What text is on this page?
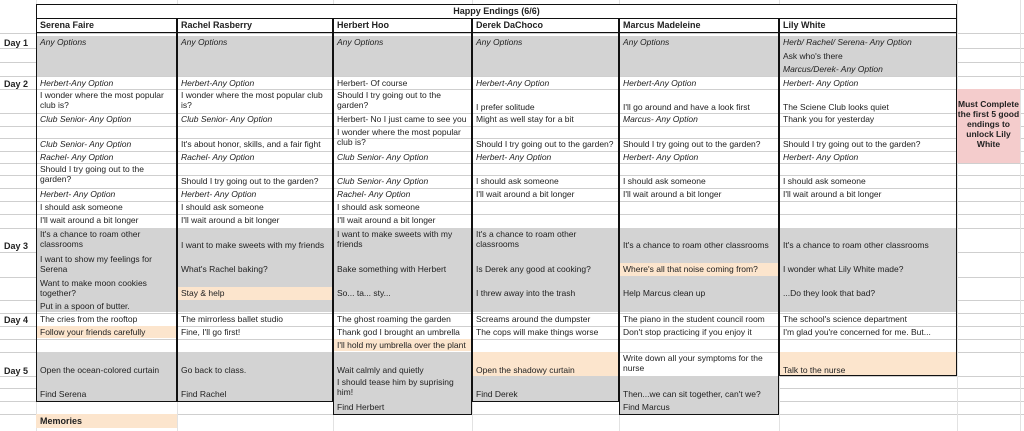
Day 1
Day 2
Day 3
Day 4
Day 5
Happy Endings (6/6)
Must Complete the first 5 good endings to unlock Lily White
Memories
Serena Faire
Any Options
Herbert-Any Option
I wonder where the most popular club is?
Club Senior- Any Option
Club Senior- Any Option
Rachel- Any Option
Should I try going out to the garden?
Herbert- Any Option
I should ask someone
I'll wait around a bit longer
It's a chance to roam other classrooms
I want to show my feelings for Serena
Want to make moon cookies together?
Put in a spoon of butter.
The cries from the rooftop
Follow your friends carefully
Open the ocean-colored curtain
Find Serena
Rachel Rasberry
Any Options
Herbert-Any Option
I wonder where the most popular club is?
Club Senior- Any Option
It's about honor, skills, and a fair fight
Rachel- Any Option
Should I try going out to the garden?
Herbert- Any Option
I should ask someone
I'll wait around a bit longer
I want to make sweets with my friends
What's Rachel baking?
Stay & help
The mirrorless ballet studio
Fine, I'll go first!
Go back to class.
Find Rachel
Herbert Hoo
Any Options
Herbert- Of course
Should I try going out to the garden?
Herbert- No I just came to see you
I wonder where the most popular club is?
Club Senior- Any Option
Club Senior- Any Option
Rachel- Any Option
I should ask someone
I'll wait around a bit longer
I want to make sweets with my friends
Bake something with Herbert
So... ta... sty...
The ghost roaming the garden
Thank god I brought an umbrella
I'll hold my umbrella over the plant
Wait calmly and quietly
I should tease him by suprising him!
Find Herbert
Derek DaChoco
Any Options
Herbert-Any Option
I prefer solitude
Might as well stay for a bit
Should I try going out to the garden?
Herbert- Any Option
I should ask someone
I'll wait around a bit longer
It's a chance to roam other classrooms
Is Derek any good at cooking?
I threw away into the trash
Screams around the dumpster
The cops will make things worse
Open the shadowy curtain
Find Derek
Marcus Madeleine
Any Options
Herbert-Any Option
I'll go around and have a look first
Marcus- Any Option
Should I try going out to the garden?
Herbert- Any Option
I should ask someone
I'll wait around a bit longer
It's a chance to roam other classrooms
Where's all that noise coming from?
Help Marcus clean up
The piano in the student council room
Don't stop practicing if you enjoy it
Write down all your symptoms for the nurse
Then...we can sit together, can't we?
Find Marcus
Lily White
Herb/ Rachel/ Serena- Any Option
Ask who's there
Marcus/Derek- Any Option
Herbert- Any Option
The Sciene Club looks quiet
Thank you for yesterday
Should I try going out to the garden?
Herbert- Any Option
I should ask someone
I'll wait around a bit longer
It's a chance to roam other classrooms
I wonder what Lily White made?
...Do they look that bad?
The school's science department
I'm glad you're concerned for me. But...
Talk to the nurse
